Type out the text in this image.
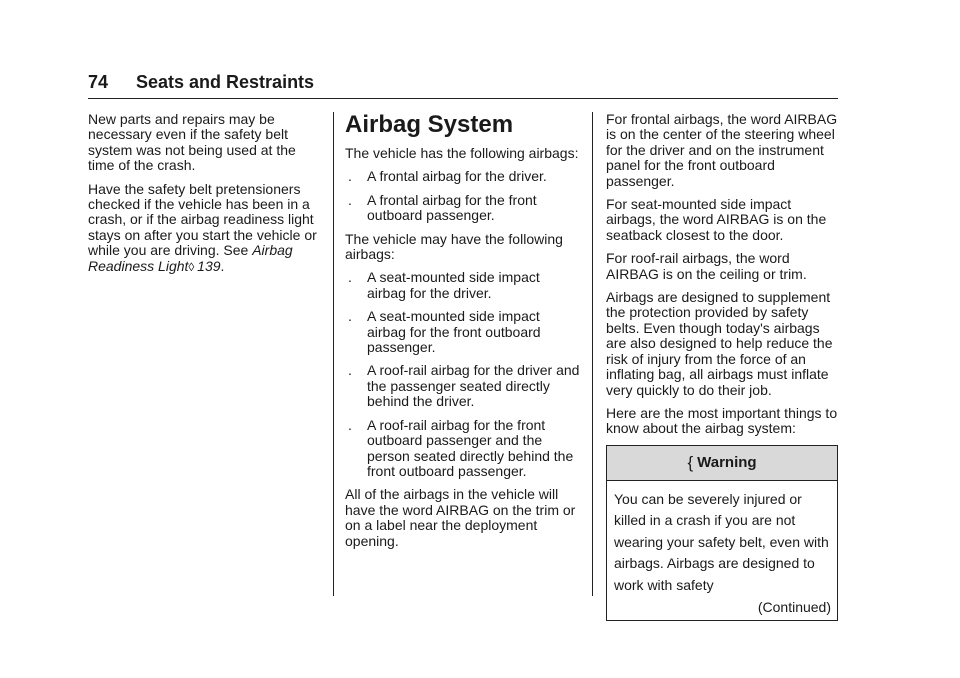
74 Seats and Restraints

New parts and repairs may be necessary even if the safety belt system was not being used at the time of the crash.

Have the safety belt pretensioners checked if the vehicle has been in a crash, or if the airbag readiness light stays on after you start the vehicle or while you are driving. See Airbag Readiness Light◊  139.

Airbag System

The vehicle has the following airbags:

. A frontal airbag for the driver.
. A frontal airbag for the front outboard passenger.

The vehicle may have the following airbags:

. A seat-mounted side impact airbag for the driver.
. A seat-mounted side impact airbag for the front outboard passenger.
. A roof-rail airbag for the driver and the passenger seated directly behind the driver.
. A roof-rail airbag for the front outboard passenger and the person seated directly behind the front outboard passenger.

All of the airbags in the vehicle will have the word AIRBAG on the trim or on a label near the deployment opening.

For frontal airbags, the word AIRBAG is on the center of the steering wheel for the driver and on the instrument panel for the front outboard passenger.

For seat-mounted side impact airbags, the word AIRBAG is on the seatback closest to the door.

For roof-rail airbags, the word AIRBAG is on the ceiling or trim.

Airbags are designed to supplement the protection provided by safety belts. Even though today's airbags are also designed to help reduce the risk of injury from the force of an inflating bag, all airbags must inflate very quickly to do their job.

Here are the most important things to know about the airbag system:

{ Warning
You can be severely injured or killed in a crash if you are not wearing your safety belt, even with airbags. Airbags are designed to work with safety
(Continued)
